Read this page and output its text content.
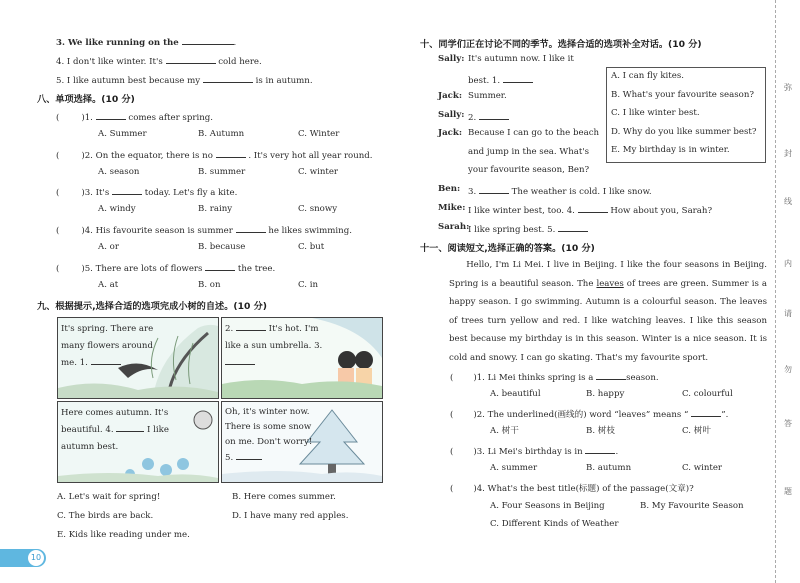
3. We like running on the	.
4. I don't like winter. It's	cold here.
5. I like autumn best because my	is in autumn.
八、单项选择。(10 分)
(	)1.	comes after spring.
A. Summer	B. Autumn	C. Winter
(	)2. On the equator, there is no	. It's very hot all year round.
A. season	B. summer	C. winter
(	)3. It's	today. Let's fly a kite.
A. windy	B. rainy	C. snowy
(	)4. His favourite season is summer	he likes swimming.
A. or	B. because	C. but
(	)5. There are lots of flowers	the tree.
A. at	B. on	C. in
九、根据提示,选择合适的选项完成小树的自述。(10 分)
It's spring. There are many flowers around me. 1.
2.	It's hot. I'm like a sun umbrella. 3.
Here comes autumn. It's beautiful. 4.	I like autumn best.
Oh, it's winter now. There is some snow on me. Don't worry!
5.
A. Let's wait for spring!	B. Here comes summer.
C. The birds are back.	D. I have many red apples.
E. Kids like reading under me.
10
十、同学们正在讨论不同的季节。选择合适的选项补全对话。(10 分)
Sally: It's autumn now. I like it
best. 1.
Jack: Summer.
Sally: 2.
Jack: Because I can go to the beach
and jump in the sea. What's
your favourite season, Ben?
Ben: 3.	The weather is cold. I like snow.
Mike: I like winter best, too. 4.	How about you, Sarah?
Sarah:
I like spring best. 5.
A. I can fly kites.
B. What's your favourite season?
C. I like winter best.
D. Why do you like summer best?
E. My birthday is in winter.
十一、阅读短文,选择正确的答案。(10 分)
Hello, I'm Li Mei. I live in Beijing. I like the four seasons in Beijing. Spring is a beautiful season. The leaves of trees are green. Summer is a happy season. I go swimming. Autumn is a colourful season. The leaves of trees turn yellow and red. I like watching leaves. I like this season best because my birthday is in this season. Winter is a nice season. It is cold and snowy. I can go skating. That's my favourite sport.
( )1. Li Mei thinks spring is a	season.
A. beautiful	B. happy	C. colourful
( )2. The underlined(画线的) word “leaves” means “	”.
A. 树干	B. 树枝	C. 树叶
( )3. Li Mei's birthday is in	.
A. summer	B. autumn	C. winter
( )4. What's the best title(标题) of the passage(文章)?
A. Four Seasons in Beijing	B. My Favourite Season
C. Different Kinds of Weather
弥
封
线
内
请
勿
答
题
